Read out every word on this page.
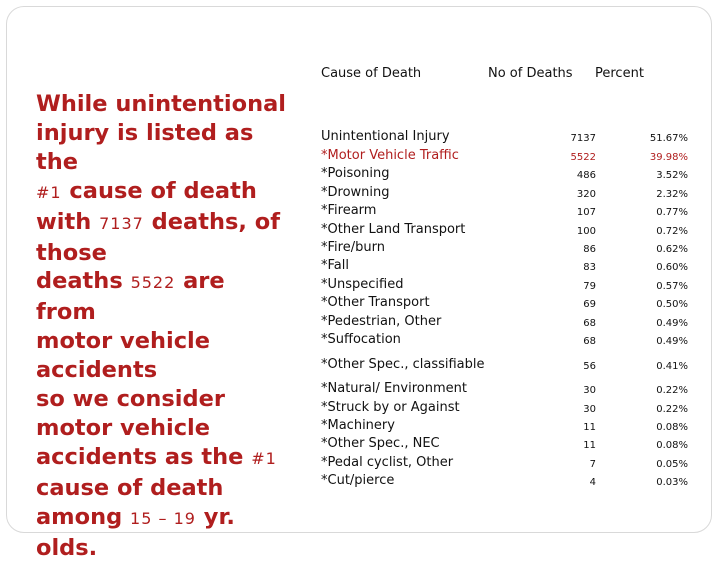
While unintentional
injury is listed as the
#1 cause of death
with 7137 deaths, of
those
deaths 5522 are from
motor vehicle
accidents
so we consider
motor vehicle
accidents as the #1
cause of death
among 15 – 19 yr.
olds.
Cause of Death	No of Deaths Percent
Unintentional Injury	7137	51.67%
*Motor Vehicle Traffic	5522	39.98%
*Poisoning	486	3.52%
*Drowning	320	2.32%
*Firearm	107	0.77%
*Other Land Transport	100	0.72%
*Fire/burn	86	0.62%
*Fall	83	0.60%
*Unspecified	79	0.57%
*Other Transport	69	0.50%
*Pedestrian, Other	68	0.49%
*Suffocation	68	0.49%
*Other Spec., classifiable	56	0.41%
*Natural/ Environment	30	0.22%
*Struck by or Against	30	0.22%
*Machinery	11	0.08%
*Other Spec., NEC	11	0.08%
*Pedal cyclist, Other	7	0.05%
*Cut/pierce	4	0.03%
